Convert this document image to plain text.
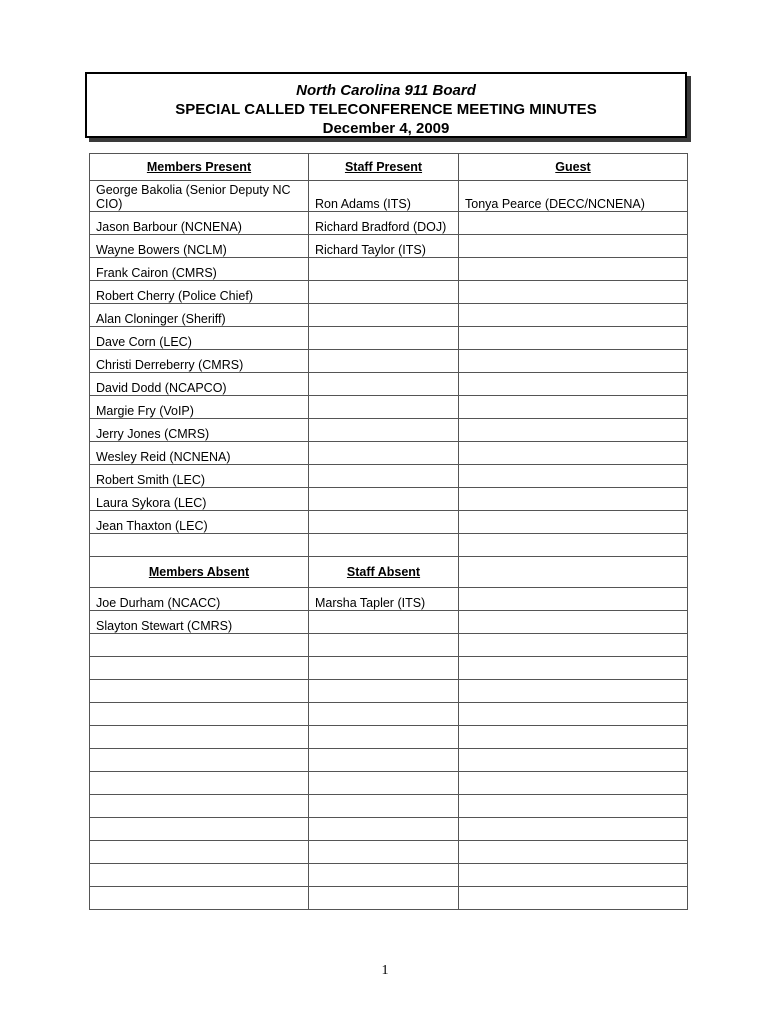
North Carolina 911 Board
SPECIAL CALLED TELECONFERENCE MEETING MINUTES
December 4, 2009
Members Present	Staff Present	Guest
George Bakolia (Senior Deputy NC CIO)	Ron Adams (ITS)	Tonya Pearce (DECC/NCNENA)
Jason Barbour (NCNENA)	Richard Bradford (DOJ)	
Wayne Bowers (NCLM)	Richard Taylor (ITS)	
Frank Cairon (CMRS)		
Robert Cherry (Police Chief)		
Alan Cloninger (Sheriff)		
Dave Corn (LEC)		
Christi Derreberry (CMRS)		
David Dodd (NCAPCO)		
Margie Fry (VoIP)		
Jerry Jones (CMRS)		
Wesley Reid (NCNENA)		
Robert Smith (LEC)		
Laura Sykora (LEC)		
Jean Thaxton (LEC)		

Members Absent	Staff Absent	
Joe Durham (NCACC)	Marsha Tapler (ITS)	
Slayton Stewart (CMRS)		

1
